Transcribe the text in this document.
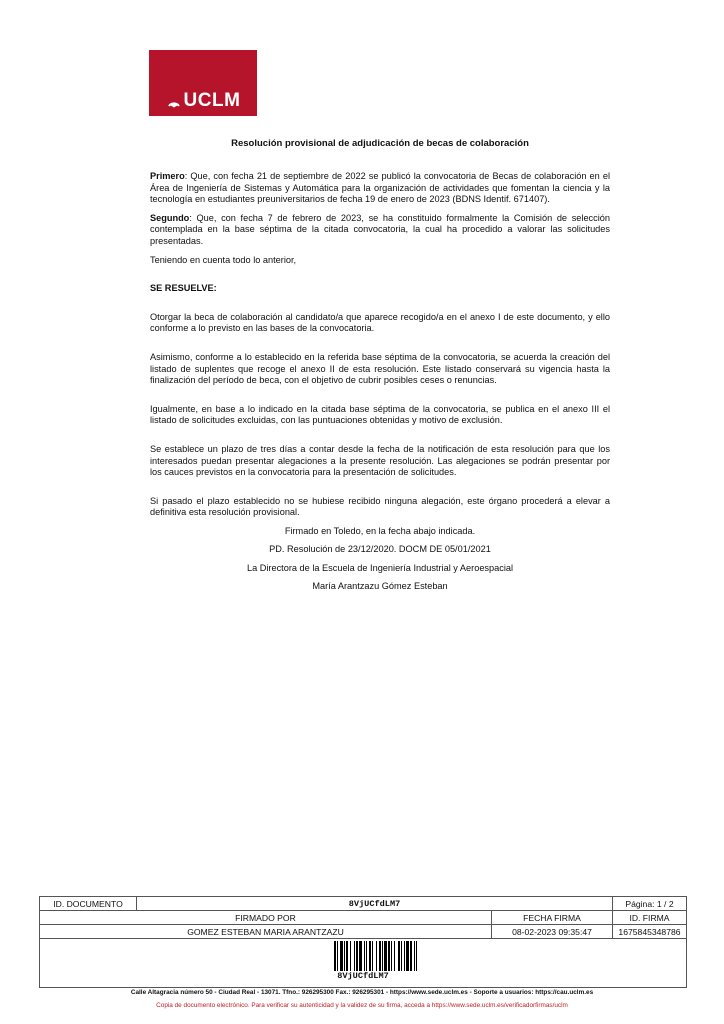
UCLM
Resolución provisional de adjudicación de becas de colaboración

Primero: Que, con fecha 21 de septiembre de 2022 se publicó la convocatoria de Becas de colaboración en el Área de Ingeniería de Sistemas y Automática para la organización de actividades que fomentan la ciencia y la tecnología en estudiantes preuniversitarios de fecha 19 de enero de 2023 (BDNS Identif. 671407).

Segundo: Que, con fecha 7 de febrero de 2023, se ha constituido formalmente la Comisión de selección contemplada en la base séptima de la citada convocatoria, la cual ha procedido a valorar las solicitudes presentadas.

Teniendo en cuenta todo lo anterior,

SE RESUELVE:

Otorgar la beca de colaboración al candidato/a que aparece recogido/a en el anexo I de este documento, y ello conforme a lo previsto en las bases de la convocatoria.

Asimismo, conforme a lo establecido en la referida base séptima de la convocatoria, se acuerda la creación del listado de suplentes que recoge el anexo II de esta resolución. Este listado conservará su vigencia hasta la finalización del período de beca, con el objetivo de cubrir posibles ceses o renuncias.

Igualmente, en base a lo indicado en la citada base séptima de la convocatoria, se publica en el anexo III el listado de solicitudes excluidas, con las puntuaciones obtenidas y motivo de exclusión.

Se establece un plazo de tres días a contar desde la fecha de la notificación de esta resolución para que los interesados puedan presentar alegaciones a la presente resolución. Las alegaciones se podrán presentar por los cauces previstos en la convocatoria para la presentación de solicitudes.

Si pasado el plazo establecido no se hubiese recibido ninguna alegación, este órgano procederá a elevar a definitiva esta resolución provisional.

Firmado en Toledo, en la fecha abajo indicada.
PD. Resolución de 23/12/2020. DOCM DE 05/01/2021
La Directora de la Escuela de Ingeniería Industrial y Aeroespacial
María Arantzazu Gómez Esteban
ID. DOCUMENTO	8VjUCfdLM7	Página: 1 / 2
FIRMADO POR	FECHA FIRMA	ID. FIRMA
GOMEZ ESTEBAN MARIA ARANTZAZU	08-02-2023 09:35:47	1675845348786
8VjUCfdLM7
Calle Altagracia número 50 - Ciudad Real - 13071. Tfno.: 926295300 Fax.: 926295301 - https://www.sede.uclm.es - Soporte a usuarios: https://cau.uclm.es
Copia de documento electrónico. Para verificar su autenticidad y la validez de su firma, acceda a https://www.sede.uclm.es/verificadorfirmas/uclm
